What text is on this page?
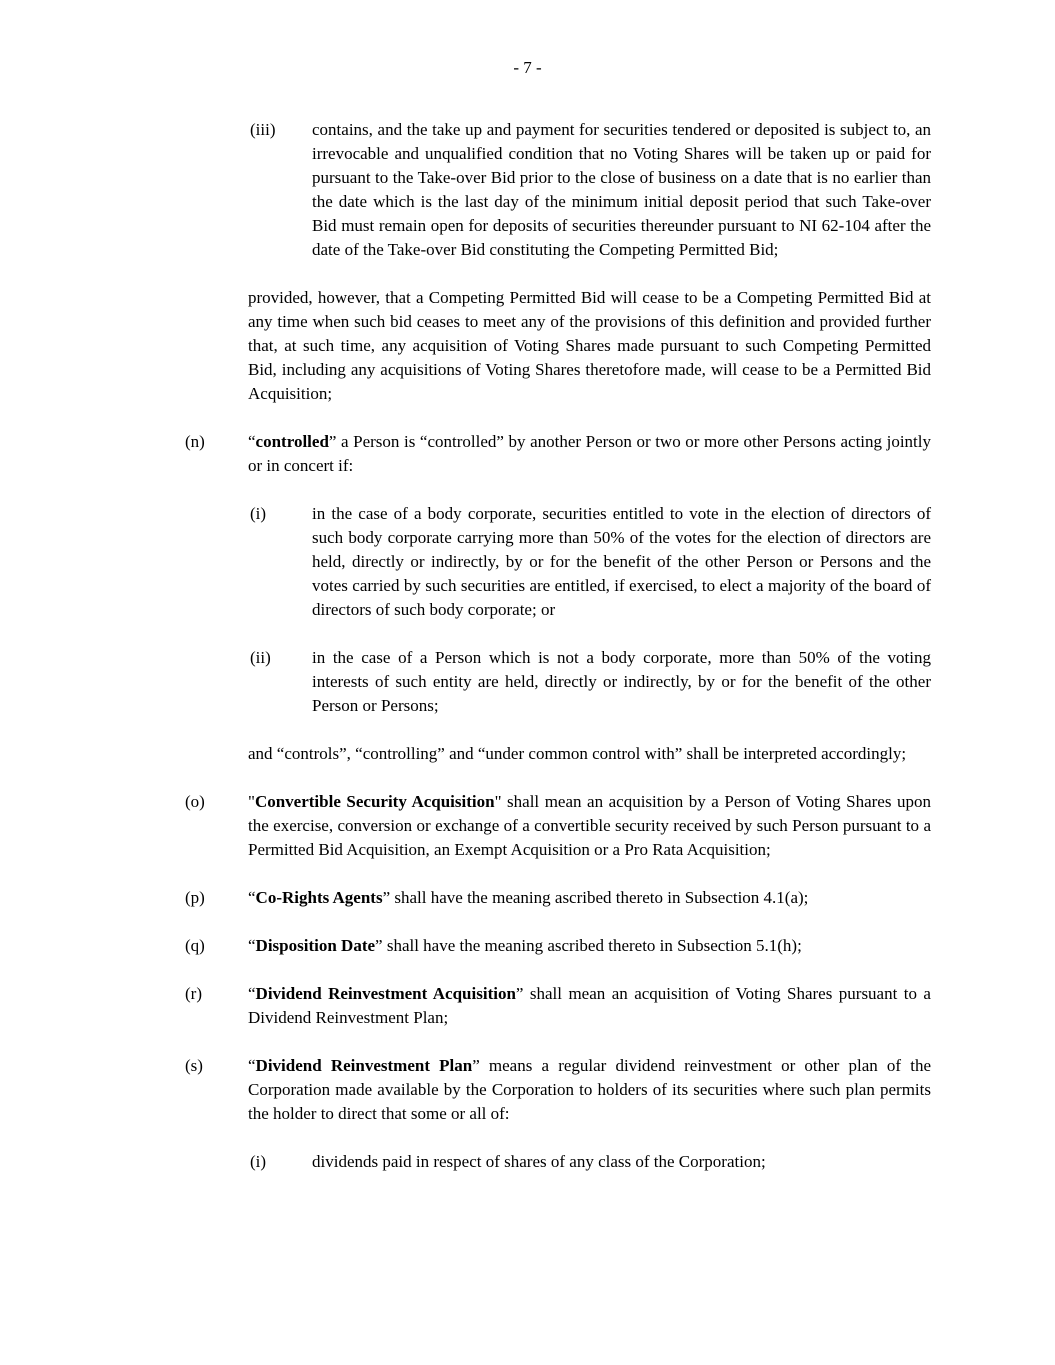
- 7 -
(iii)	contains, and the take up and payment for securities tendered or deposited is subject to, an irrevocable and unqualified condition that no Voting Shares will be taken up or paid for pursuant to the Take-over Bid prior to the close of business on a date that is no earlier than the date which is the last day of the minimum initial deposit period that such Take-over Bid must remain open for deposits of securities thereunder pursuant to NI 62-104 after the date of the Take-over Bid constituting the Competing Permitted Bid;

provided, however, that a Competing Permitted Bid will cease to be a Competing Permitted Bid at any time when such bid ceases to meet any of the provisions of this definition and provided further that, at such time, any acquisition of Voting Shares made pursuant to such Competing Permitted Bid, including any acquisitions of Voting Shares theretofore made, will cease to be a Permitted Bid Acquisition;

(n)	“controlled” a Person is “controlled” by another Person or two or more other Persons acting jointly or in concert if:

(i)	in the case of a body corporate, securities entitled to vote in the election of directors of such body corporate carrying more than 50% of the votes for the election of directors are held, directly or indirectly, by or for the benefit of the other Person or Persons and the votes carried by such securities are entitled, if exercised, to elect a majority of the board of directors of such body corporate; or

(ii)	in the case of a Person which is not a body corporate, more than 50% of the voting interests of such entity are held, directly or indirectly, by or for the benefit of the other Person or Persons;

and “controls”, “controlling” and “under common control with” shall be interpreted accordingly;

(o)	"Convertible Security Acquisition" shall mean an acquisition by a Person of Voting Shares upon the exercise, conversion or exchange of a convertible security received by such Person pursuant to a Permitted Bid Acquisition, an Exempt Acquisition or a Pro Rata Acquisition;

(p)	“Co-Rights Agents” shall have the meaning ascribed thereto in Subsection 4.1(a);

(q)	“Disposition Date” shall have the meaning ascribed thereto in Subsection 5.1(h);

(r)	“Dividend Reinvestment Acquisition” shall mean an acquisition of Voting Shares pursuant to a Dividend Reinvestment Plan;

(s)	“Dividend Reinvestment Plan” means a regular dividend reinvestment or other plan of the Corporation made available by the Corporation to holders of its securities where such plan permits the holder to direct that some or all of:

(i)	dividends paid in respect of shares of any class of the Corporation;
